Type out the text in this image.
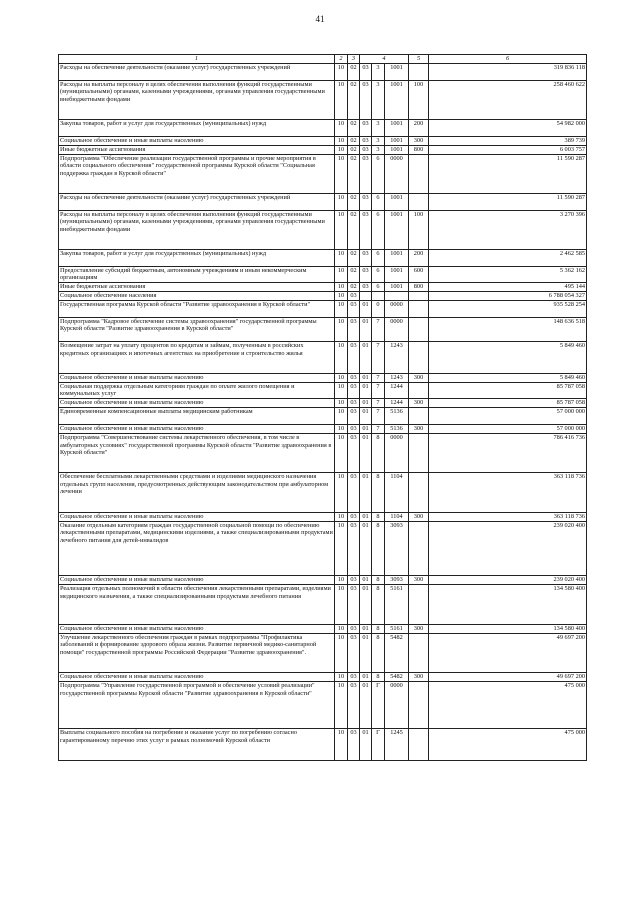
41
1	2	3	4			5	6
Расходы на обеспечение деятельности (оказание услуг) государственных учреждений	10	02	03	3	1001		319 836 118
Расходы на выплаты персоналу в целях обеспечения выполнения функций государственными (муниципальными) органами, казенными учреждениями, органами управления государственными внебюджетными фондами	10	02	03	3	1001	100	258 460 622
Закупка товаров, работ и услуг для государственных (муниципальных) нужд	10	02	03	3	1001	200	54 982 000
Социальное обеспечение и иные выплаты населению	10	02	03	3	1001	300	389 739
Иные бюджетные ассигнования	10	02	03	3	1001	800	6 003 757
Подпрограмма "Обеспечение реализации государственной программы и прочие мероприятия в области социального обеспечения" государственной программы Курской области "Социальная поддержка граждан в Курской области"	10	02	03	6	0000		11 590 287
Расходы на обеспечение деятельности (оказание услуг) государственных учреждений	10	02	03	6	1001		11 590 287
Расходы на выплаты персоналу в целях обеспечения выполнения функций государственными (муниципальными) органами, казенными учреждениями, органами управления государственными внебюджетными фондами	10	02	03	6	1001	100	3 270 396
Закупка товаров, работ и услуг для государственных (муниципальных) нужд	10	02	03	6	1001	200	2 462 585
Предоставление субсидий бюджетным, автономным учреждениям и иным некоммерческим организациям	10	02	03	6	1001	600	5 362 162
Иные бюджетные ассигнования	10	02	03	6	1001	800	495 144
Социальное обеспечение населения	10	03					6 788 054 327
Государственная программа Курской области "Развитие здравоохранения в Курской области"	10	03	01	0	0000		935 528 254
Подпрограмма "Кадровое обеспечение системы здравоохранения" государственной программы Курской области "Развитие здравоохранения в Курской области"	10	03	01	7	0000		148 636 518
Возмещение затрат на уплату процентов по кредитам и займам, полученным в российских кредитных организациях и ипотечных агентствах на приобретение и строительство жилья	10	03	01	7	1243		5 849 460
Социальное обеспечение и иные выплаты населению	10	03	01	7	1243	300	5 849 460
Социальная поддержка отдельным категориям граждан по оплате жилого помещения и коммунальных услуг	10	03	01	7	1244		85 787 058
Социальное обеспечение и иные выплаты населению	10	03	01	7	1244	300	85 787 058
Единовременные компенсационные выплаты медицинским работникам	10	03	01	7	5136		57 000 000
Социальное обеспечение и иные выплаты населению	10	03	01	7	5136	300	57 000 000
Подпрограмма "Совершенствование системы лекарственного обеспечения, в том числе в амбулаторных условиях" государственной программы Курской области "Развитие здравоохранения в Курской области"	10	03	01	8	0000		786 416 736
Обеспечение бесплатными лекарственными средствами и изделиями медицинского назначения отдельных групп населения, предусмотренных действующим законодательством при амбулаторном лечении	10	03	01	8	1104		363 118 736
Социальное обеспечение и иные выплаты населению	10	03	01	8	1104	300	363 118 736
Оказание отдельным категориям граждан государственной социальной помощи по обеспечению лекарственными препаратами, медицинскими изделиями, а также специализированными продуктами лечебного питания для детей-инвалидов	10	03	01	8	3093		239 020 400
Социальное обеспечение и иные выплаты населению	10	03	01	8	3093	300	239 020 400
Реализация отдельных полномочий в области обеспечения лекарственными препаратами, изделиями медицинского назначения, а также специализированными продуктами лечебного питания	10	03	01	8	5161		134 580 400
Социальное обеспечение и иные выплаты населению	10	03	01	8	5161	300	134 580 400
Улучшение лекарственного обеспечения граждан в рамках подпрограммы "Профилактика заболеваний и формирование здорового образа жизни. Развитие первичной медико-санитарной помощи" государственной программы Российской Федерации "Развитие здравоохранения".	10	03	01	8	5482		49 697 200
Социальное обеспечение и иные выплаты населению	10	03	01	8	5482	300	49 697 200
Подпрограмма "Управление государственной программой и обеспечение условий реализации" государственной программы Курской области "Развитие здравоохранения в Курской области"	10	03	01	Г	0000		475 000
Выплаты социального пособия на погребение и оказание услуг по погребению согласно гарантированному перечню этих услуг в рамках полномочий Курской области	10	03	01	Г	1245		475 000
